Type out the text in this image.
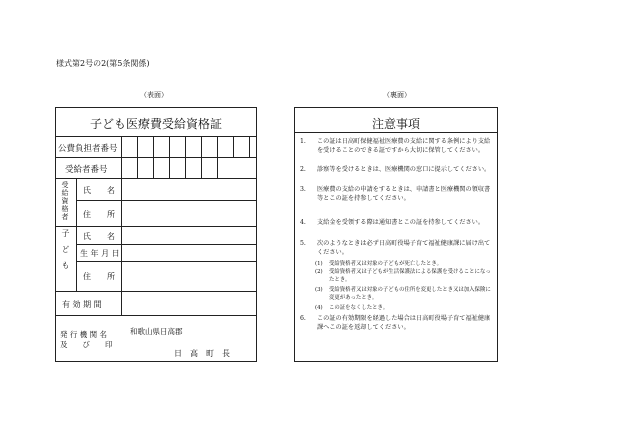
様式第2号の2(第5条関係)
（表面）	（裏面）
子ども医療費受給資格証
公費負担者番号
受給者番号
受給資格者 氏　　名
住　　所
子ども 氏　　名
生 年 月 日
住　　所
有 効 期 間
発 行 機 関 名
及　　び　　印
和歌山県日高郡
日　高　町　長
注意事項
1. この証は日高町保健福祉医療費の支給に関する条例により支給を受けることのできる証ですから大切に保管してください。
2. 診察等を受けるときは、医療機関の窓口に提示してください。
3. 医療費の支給の申請をするときは、申請書と医療機関の領収書等とこの証を持参してください。
4. 支給金を受領する際は通知書とこの証を持参してください。
5. 次のようなときは必ず日高町役場子育て福祉健康課に届け出てください。
(1) 受給資格者又は対象の子どもが死亡したとき。
(2) 受給資格者又は子どもが生活保護法による保護を受けることになったとき。
(3) 受給資格者又は対象の子どもの住所を変更したとき又は加入保険に変更があったとき。
(4) この証をなくしたとき。
6. この証の有効期限を経過した場合は日高町役場子育て福祉健康課へこの証を返却してください。
